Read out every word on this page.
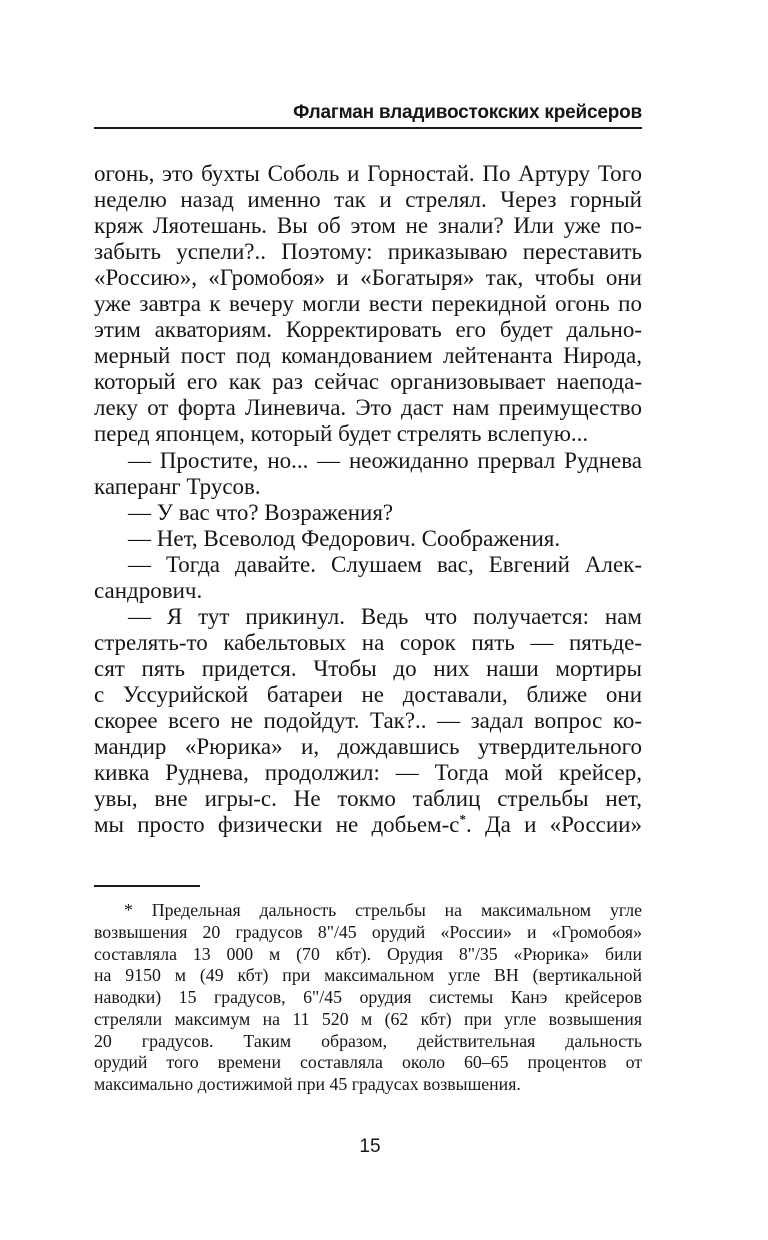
Флагман владивостокских крейсеров
огонь, это бухты Соболь и Горностай. По Артуру Того
неделю назад именно так и стрелял. Через горный
кряж Ляотешань. Вы об этом не знали? Или уже по-
забыть успели?.. Поэтому: приказываю переставить
«Россию», «Громобоя» и «Богатыря» так, чтобы они
уже завтра к вечеру могли вести перекидной огонь по
этим акваториям. Корректировать его будет дально-
мерный пост под командованием лейтенанта Нирода,
который его как раз сейчас организовывает наеподa-
леку от форта Линевича. Это даст нам преимущество
перед японцем, который будет стрелять вслепую...
— Простите, но... — неожиданно прервал Руднева
каперанг Трусов.
— У вас что? Возражения?
— Нет, Всеволод Федорович. Соображения.
— Тогда давайте. Слушаем вас, Евгений Алек-
сандрович.
— Я тут прикинул. Ведь что получается: нам
стрелять-то кабельтовых на сорок пять — пятьде-
сят пять придется. Чтобы до них наши мортиры
с Уссурийской батареи не доставали, ближе они
скорее всего не подойдут. Так?.. — задал вопрос ко-
мандир «Рюрика» и, дождавшись утвердительного
кивка Руднева, продолжил: — Тогда мой крейсер,
увы, вне игры-с. Не токмо таблиц стрельбы нет,
мы просто физически не добьем-с*. Да и «России»
* Предельная дальность стрельбы на максимальном угле
возвышения 20 градусов 8"/45 орудий «России» и «Громобоя»
составляла 13 000 м (70 кбт). Орудия 8"/35 «Рюрика» били
на 9150 м (49 кбт) при максимальном угле ВН (вертикальной
наводки) 15 градусов, 6"/45 орудия системы Канэ крейсеров
стреляли максимум на 11 520 м (62 кбт) при угле возвышения
20 градусов. Таким образом, действительная дальность
орудий того времени составляла около 60–65 процентов от
максимально достижимой при 45 градусах возвышения.
15
